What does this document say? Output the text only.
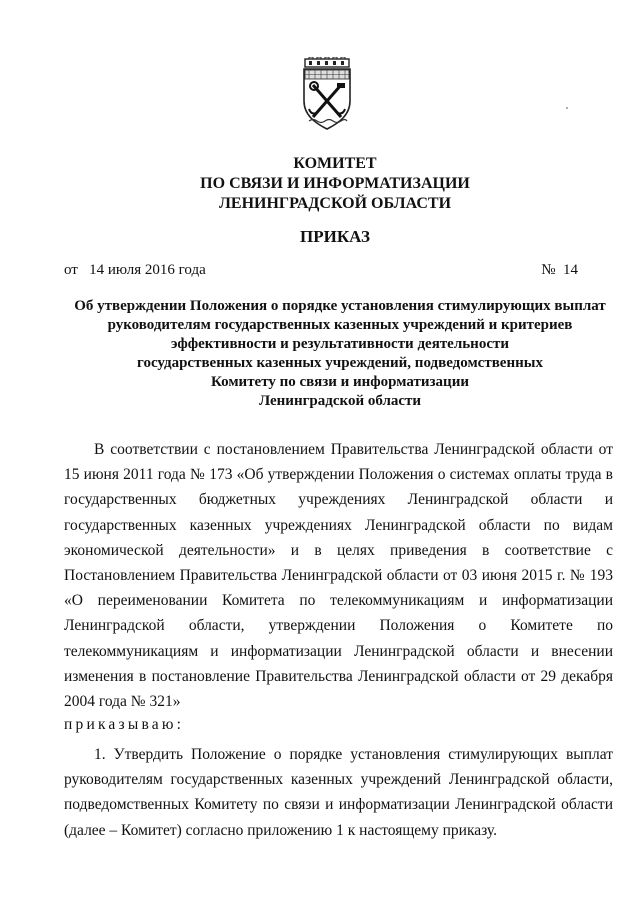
КОМИТЕТ
ПО СВЯЗИ И ИНФОРМАТИЗАЦИИ
ЛЕНИНГРАДСКОЙ ОБЛАСТИ
ПРИКАЗ
от   14 июля 2016 года	№  14
Об утверждении Положения о порядке установления стимулирующих выплат
руководителям государственных казенных учреждений и критериев
эффективности и результативности деятельности
государственных казенных учреждений, подведомственных
Комитету по связи и информатизации
Ленинградской области
В соответствии с постановлением Правительства Ленинградской области от 15 июня 2011 года № 173 «Об утверждении Положения о системах оплаты труда в государственных бюджетных учреждениях Ленинградской области и государственных казенных учреждениях Ленинградской области по видам экономической деятельности» и в целях приведения в соответствие с Постановлением Правительства Ленинградской области от 03 июня 2015 г. № 193 «О переименовании Комитета по телекоммуникациям и информатизации Ленинградской области, утверждении Положения о Комитете по телекоммуникациям и информатизации Ленинградской области и внесении изменения в постановление Правительства Ленинградской области от 29 декабря 2004 года № 321»
приказываю:
1. Утвердить Положение о порядке установления стимулирующих выплат руководителям государственных казенных учреждений Ленинградской области, подведомственных Комитету по связи и информатизации Ленинградской области (далее – Комитет) согласно приложению 1 к настоящему приказу.
